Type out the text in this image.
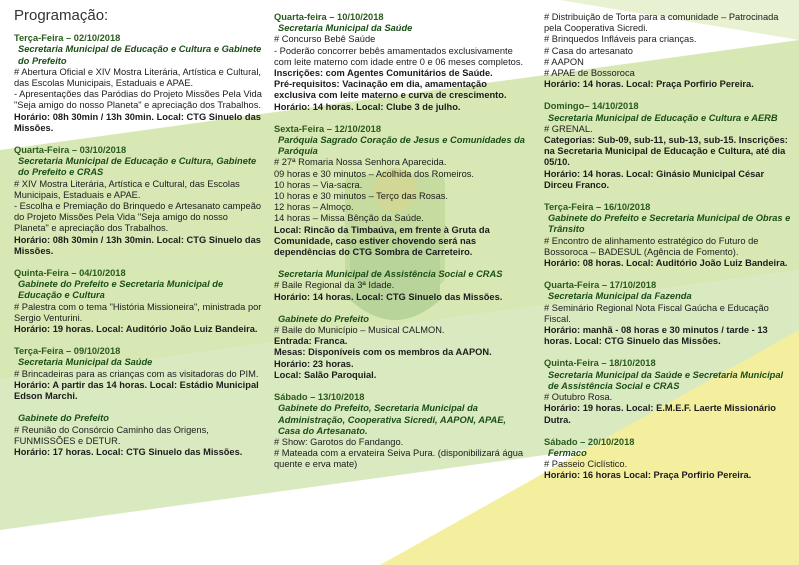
Programação:
Terça-Feira – 02/10/2018
Secretaria Municipal de Educação e Cultura e Gabinete do Prefeito
# Abertura Oficial e XIV Mostra Literária, Artística e Cultural, das Escolas Municipais, Estaduais e APAE.
- Apresentações das Paródias do Projeto Missões Pela Vida "Seja amigo do nosso Planeta" e apreciação dos Trabalhos.
Horário: 08h 30min / 13h 30min. Local: CTG Sinuelo das Missões.
Quarta-Feira – 03/10/2018
Secretaria Municipal de Educação e Cultura, Gabinete do Prefeito e CRAS
# XIV Mostra Literária, Artística e Cultural, das Escolas Municipais, Estaduais e APAE.
- Escolha e Premiação do Brinquedo e Artesanato campeão do Projeto Missões Pela Vida "Seja amigo do nosso Planeta" e apreciação dos Trabalhos.
Horário: 08h 30min / 13h 30min. Local: CTG Sinuelo das Missões.
Quinta-Feira – 04/10/2018
Gabinete do Prefeito e Secretaria Municipal de Educação e Cultura
# Palestra com o tema "História Missioneira", ministrada por Sergio Venturini.
Horário: 19 horas. Local: Auditório João Luiz Bandeira.
Terça-Feira – 09/10/2018
Secretaria Municipal da Saúde
# Brincadeiras para as crianças com as visitadoras do PIM.
Horário: A partir das 14 horas. Local: Estádio Municipal Edson Marchi.
Gabinete do Prefeito
# Reunião do Consórcio Caminho das Origens, FUNMISSÕES e DETUR.
Horário: 17 horas. Local: CTG Sinuelo das Missões.
Quarta-feira – 10/10/2018
Secretaria Municipal da Saúde
# Concurso Bebê Saúde
- Poderão concorrer bebês amamentados exclusivamente com leite materno com idade entre 0 e 06 meses completos.
Inscrições: com Agentes Comunitários de Saúde.
Pré-requisitos: Vacinação em dia, amamentação exclusiva com leite materno e curva de crescimento.
Horário: 14 horas. Local: Clube 3 de julho.
Sexta-Feira – 12/10/2018
Paróquia Sagrado Coração de Jesus e Comunidades da Paróquia
# 27ª Romaria Nossa Senhora Aparecida.
09 horas e 30 minutos – Acolhida dos Romeiros.
10 horas – Via-sacra.
10 horas e 30 minutos – Terço das Rosas.
12 horas – Almoço.
14 horas – Missa Bênção da Saúde.
Local: Rincão da Timbaúva, em frente à Gruta da Comunidade, caso estiver chovendo será nas dependências do CTG Sombra de Carreteiro.
Secretaria Municipal de Assistência Social e CRAS
# Baile Regional da 3ª Idade.
Horário: 14 horas. Local: CTG Sinuelo das Missões.
Gabinete do Prefeito
# Baile do Município – Musical CALMON.
Entrada: Franca.
Mesas: Disponíveis com os membros da AAPON.
Horário: 23 horas.
Local: Salão Paroquial.
Sábado – 13/10/2018
Gabinete do Prefeito, Secretaria Municipal da Administração, Cooperativa Sicredi, AAPON, APAE, Casa do Artesanato.
# Show: Garotos do Fandango.
# Mateada com a ervateira Seiva Pura. (disponibilizará água quente e erva mate)
# Distribuição de Torta para a comunidade – Patrocinada pela Cooperativa Sicredi.
# Brinquedos Infláveis para crianças.
# Casa do artesanato
# AAPON
# APAE de Bossoroca
Horário: 14 horas. Local: Praça Porfirio Pereira.
Domingo– 14/10/2018
Secretaria Municipal de Educação e Cultura e AERB
# GRENAL.
Categorias: Sub-09, sub-11, sub-13, sub-15. Inscrições: na Secretaria Municipal de Educação e Cultura, até dia 05/10.
Horário: 14 horas. Local: Ginásio Municipal César Dirceu Franco.
Terça-Feira – 16/10/2018
Gabinete do Prefeito e Secretaria Municipal de Obras e Trânsito
# Encontro de alinhamento estratégico do Futuro de Bossoroca – BADESUL (Agência de Fomento).
Horário: 08 horas. Local: Auditório João Luiz Bandeira.
Quarta-Feira – 17/10/2018
Secretaria Municipal da Fazenda
# Seminário Regional Nota Fiscal Gaúcha e Educação Fiscal.
Horário: manhã - 08 horas e 30 minutos / tarde - 13 horas. Local: CTG Sinuelo das Missões.
Quinta-Feira – 18/10/2018
Secretaria Municipal da Saúde e Secretaria Municipal de Assistência Social e CRAS
# Outubro Rosa.
Horário: 19 horas. Local: E.M.E.F. Laerte Missionário Dutra.
Sábado – 20/10/2018
Fermaco
# Passeio Ciclístico.
Horário: 16 horas Local: Praça Porfirio Pereira.
